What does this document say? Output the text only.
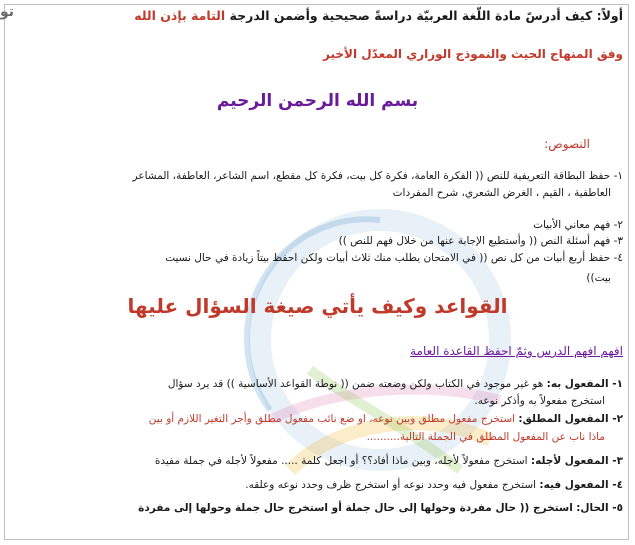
تو	أولاً: كيف أدرسً مادة اللّغة العربيّة دراسةً صحيحية وأضمن الدرجة التامة بإذن الله
وفق المنهاج الحيث والنموذج الوزاري المعدّل الأخير
بسم الله الرحمن الرحيم
النصوص:
١- حفظ البطاقة التعريفية للنص (( الفكرة العامة، فكرة كل بيت، فكرة كل مقطع، اسم الشاعر، العاطفة، المشاعر
العاطفية ، القيم ، الغرض الشعري، شرح المفردات
٢- فهم معاني الأبيات
٣- فهم أسئلة النص (( وأستطيع الإجابة عنها من خلال فهم للنص ))
٤- حفظ أربع أبيات من كل نص (( في الامتحان يطلب منك ثلاث أبيات ولكن احفظ بيتاً زيادة في حال نسيت
بيت))
القواعد وكيف يأتي صيغة السؤال عليها
افهم افهم الدرس وثمّ احفظ القاعدة العامة
١- المفعول به: هو غير موجود في الكتاب ولكن وضعته ضمن (( نوطة القواعد الأساسية )) قد يرد سؤال
استخرج مفعولاً به وأذكر نوعه.
٢- المفعول المطلق: استخرج مفعول مطلق وبين نوعه، او ضع نائب مفعول مطلق وأجر التغير اللازم أو بين
ماذا ناب عن المفعول المطلق في الجملة التالية..........
٣- المفعول لأجله: استخرج مفعولاً لأجله، وبين ماذا أفاد؟؟ أو اجعل كلمة ..... مفعولاً لأجله في جملة مفيدة
٤- المفعول فيه: استخرج مفعول فيه وحدد نوعه أو استخرج ظرف وحدد نوعه وعلقه.
٥- الحال: استخرج (( حال مفردة وحولها إلى حال جملة أو استخرج حال جملة وحولها إلى مفردة
